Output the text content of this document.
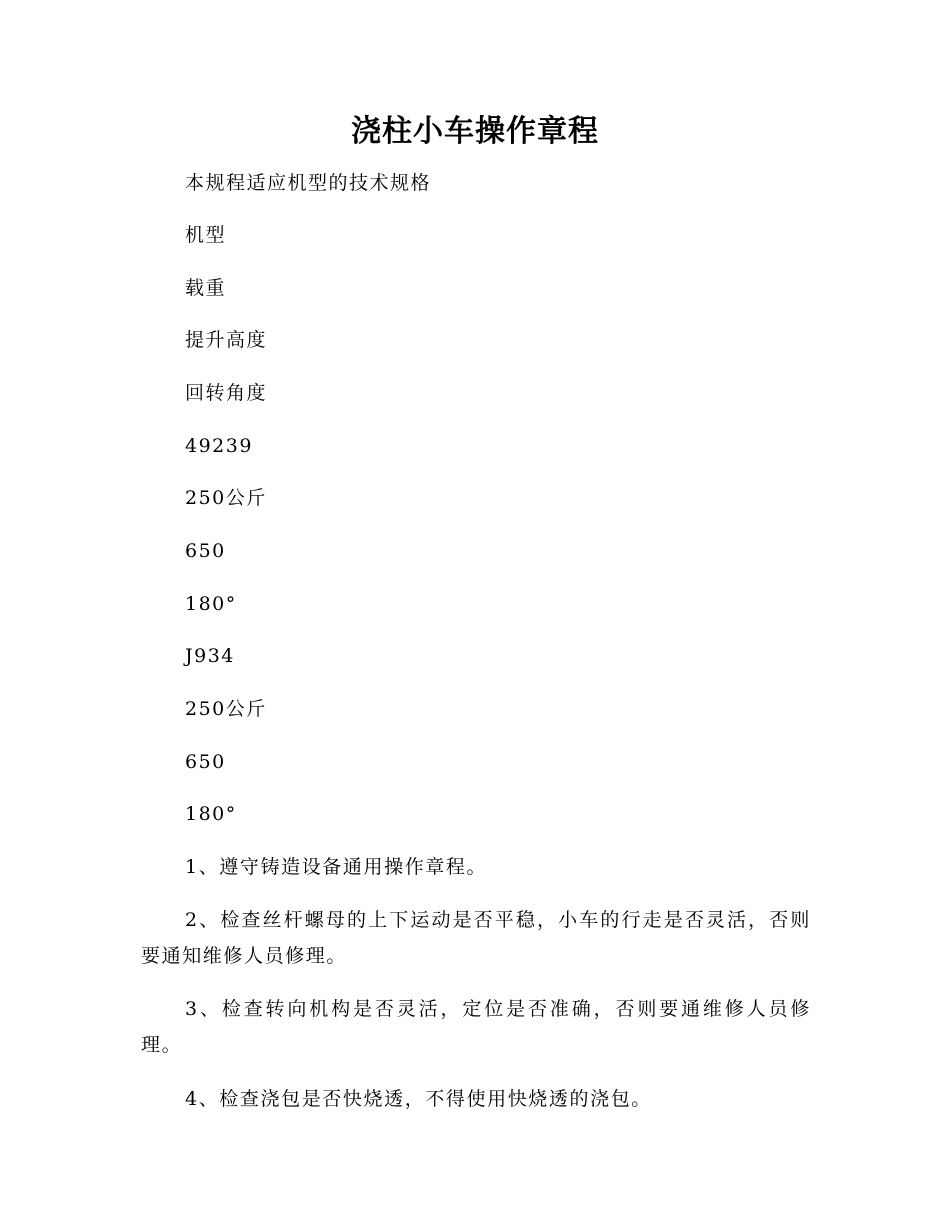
浇柱小车操作章程
本规程适应机型的技术规格
机型
载重
提升高度
回转角度
49239
250公斤
650
180°
J934
250公斤
650
180°
1、遵守铸造设备通用操作章程。
2、检查丝杆螺母的上下运动是否平稳，小车的行走是否灵活，否则要通知维修人员修理。
3、检查转向机构是否灵活，定位是否准确，否则要通维修人员修理。
4、检查浇包是否快烧透，不得使用快烧透的浇包。
